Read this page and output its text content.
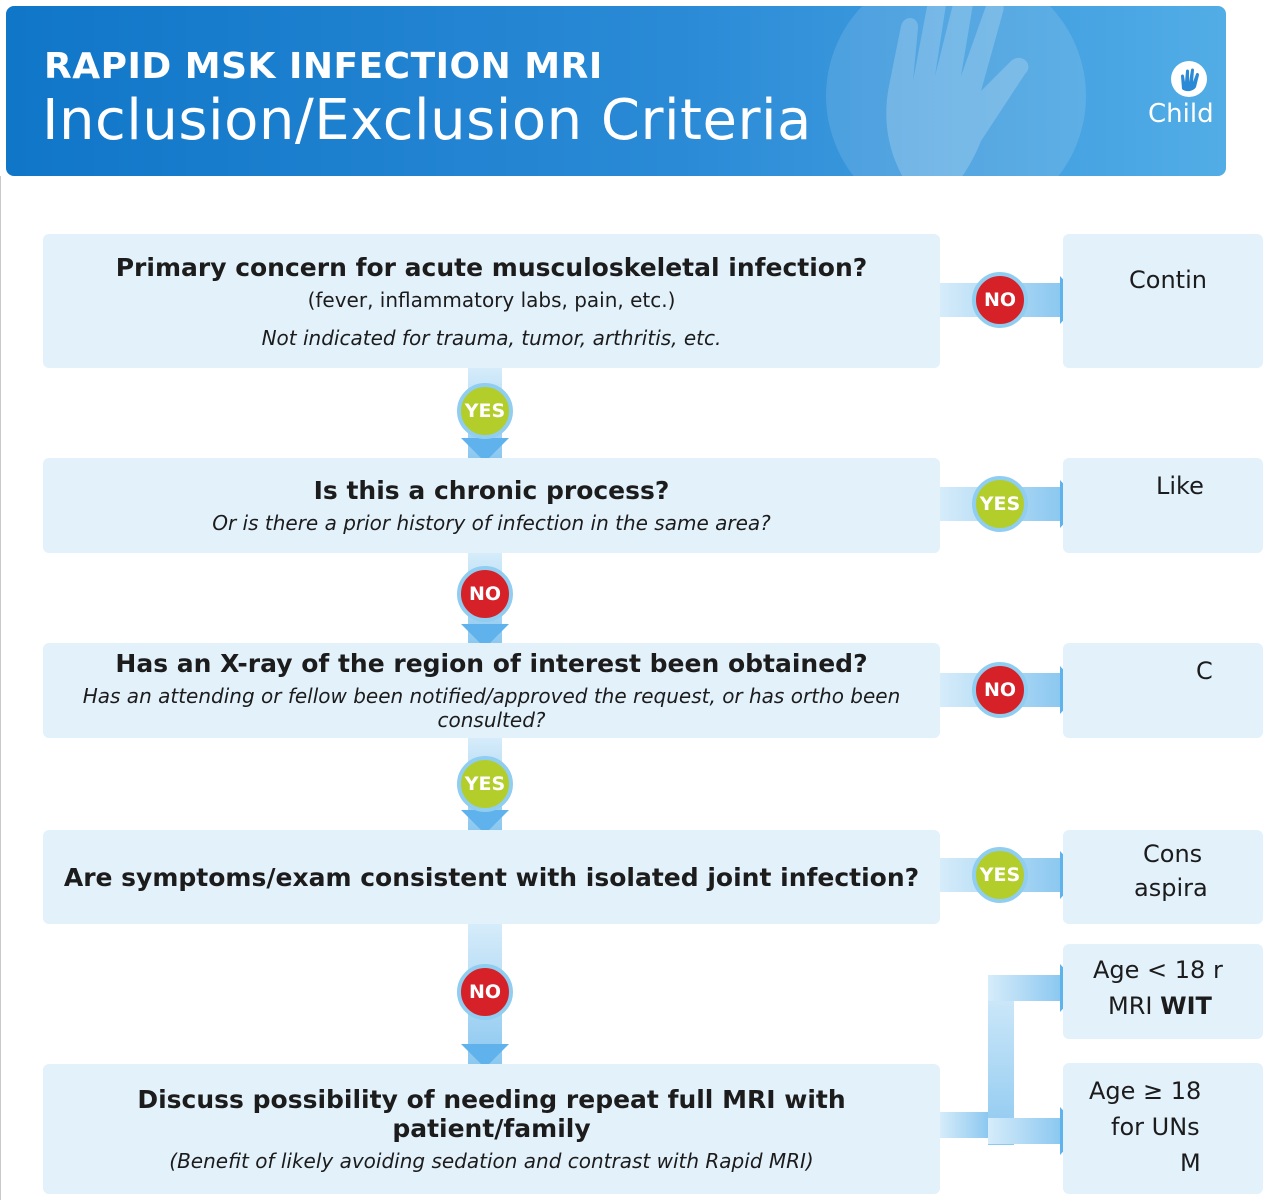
RAPID MSK INFECTION MRI
Inclusion/Exclusion Criteria	Child
Primary concern for acute musculoskeletal infection?
(fever, inflammatory labs, pain, etc.)
Not indicated for trauma, tumor, arthritis, etc.
Is this a chronic process?
Or is there a prior history of infection in the same area?
Has an X-ray of the region of interest been obtained?
Has an attending or fellow been notified/approved the request, or has ortho been consulted?
Are symptoms/exam consistent with isolated joint infection?
Discuss possibility of needing repeat full MRI with patient/family
(Benefit of likely avoiding sedation and contrast with Rapid MRI)
Contin
Like
C
Cons
aspira
Age < 18 r
MRI WIT
Age ≥ 18
for UNs
M
NO
YES
YES
NO
NO
YES
YES
NO
